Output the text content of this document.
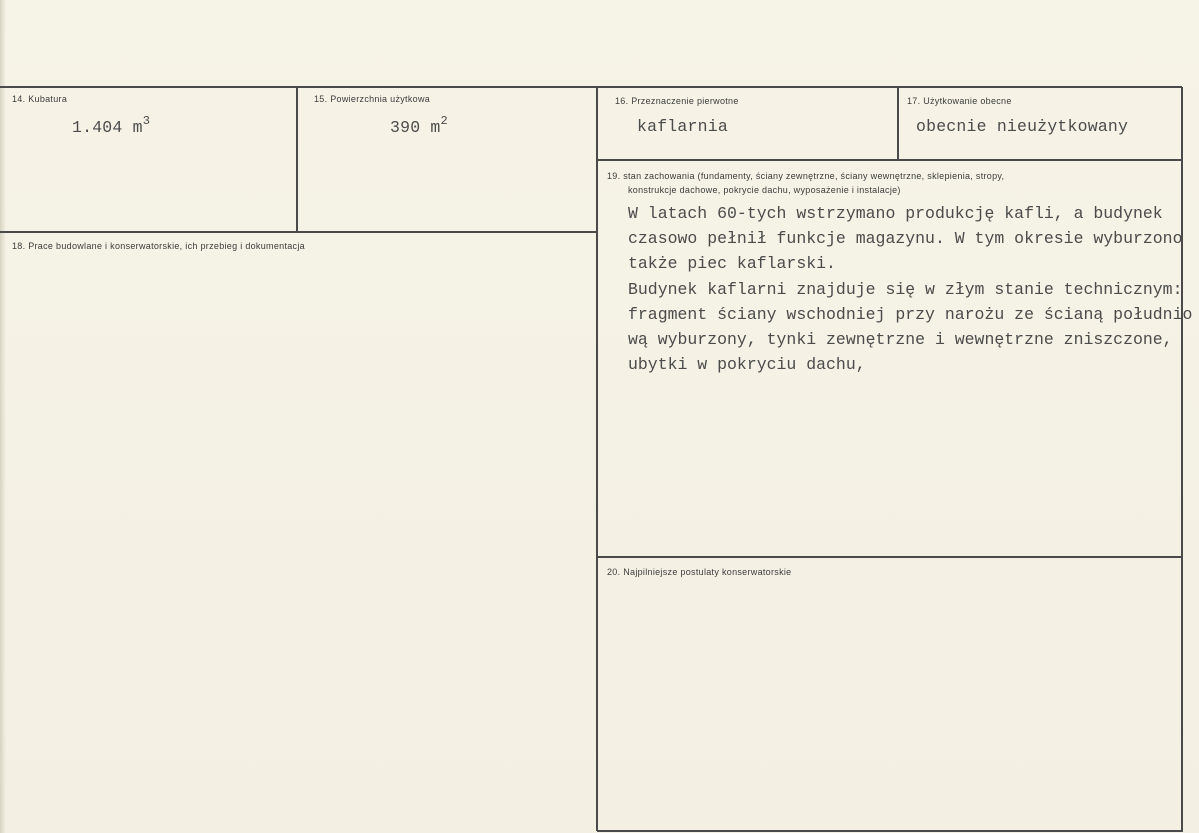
14. Kubatura
1.404 $m^3$
15. Powierzchnia użytkowa
390 $m^2$
16. Przeznaczenie pierwotne
kaflarnia
17. Użytkowanie obecne
obecnie nieużytkowany
18. Prace budowlane i konserwatorskie, ich przebieg i dokumentacja
19. stan zachowania (fundamenty, ściany zewnętrzne, ściany wewnętrzne, sklepienia, stropy,
konstrukcje dachowe, pokrycie dachu, wyposażenie i instalacje)
W latach 60-tych wstrzymano produkcję kafli, a budynek
czasowo pełnił funkcje magazynu. W tym okresie wyburzono
także piec kaflarski.
Budynek kaflarni znajduje się w złym stanie technicznym:
fragment ściany wschodniej przy narożu ze ścianą południo
wą wyburzony, tynki zewnętrzne i wewnętrzne zniszczone,
ubytki w pokryciu dachu,
20. Najpilniejsze postulaty konserwatorskie
